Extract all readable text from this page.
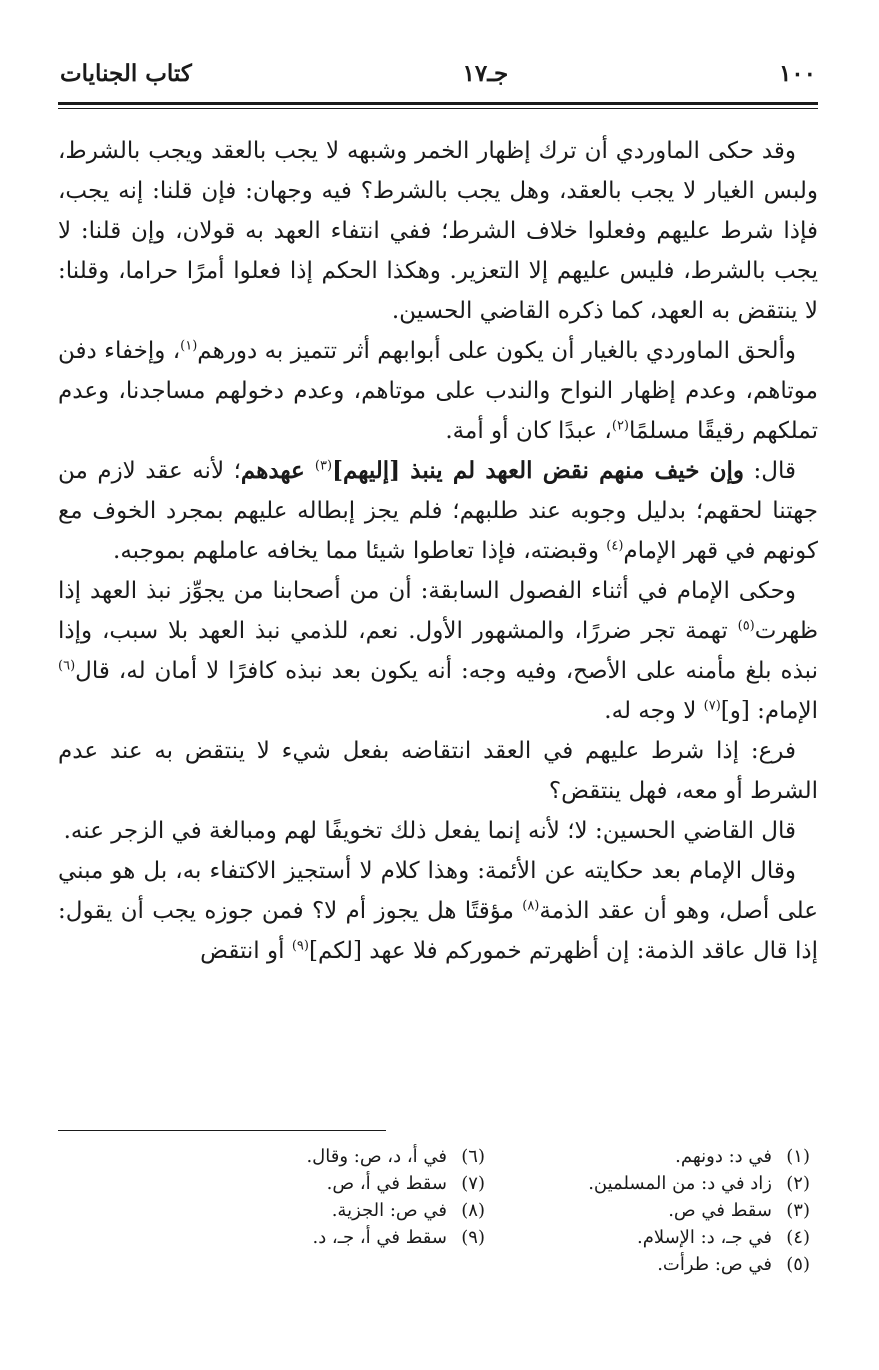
١٠٠
جـ١٧
كتاب الجنايات

وقد حكى الماوردي أن ترك إظهار الخمر وشبهه لا يجب بالعقد ويجب بالشرط، ولبس الغيار لا يجب بالعقد، وهل يجب بالشرط؟ فيه وجهان: فإن قلنا: إنه يجب، فإذا شرط عليهم وفعلوا خلاف الشرط؛ ففي انتفاء العهد به قولان، وإن قلنا: لا يجب بالشرط، فليس عليهم إلا التعزير. وهكذا الحكم إذا فعلوا أمرًا حراما، وقلنا: لا ينتقض به العهد، كما ذكره القاضي الحسين.

وألحق الماوردي بالغيار أن يكون على أبوابهم أثر تتميز به دورهم$^{(١)}$، وإخفاء دفن موتاهم، وعدم إظهار النواح والندب على موتاهم، وعدم دخولهم مساجدنا، وعدم تملكهم رقيقًا مسلمًا$^{(٢)}$، عبدًا كان أو أمة.

قال: وإن خيف منهم نقض العهد لم ينبذ [إليهم]$^{(٣)}$ عهدهم؛ لأنه عقد لازم من جهتنا لحقهم؛ بدليل وجوبه عند طلبهم؛ فلم يجز إبطاله عليهم بمجرد الخوف مع كونهم في قهر الإمام$^{(٤)}$ وقبضته، فإذا تعاطوا شيئا مما يخافه عاملهم بموجبه.

وحكى الإمام في أثناء الفصول السابقة: أن من أصحابنا من يجوِّز نبذ العهد إذا ظهرت$^{(٥)}$ تهمة تجر ضررًا، والمشهور الأول. نعم، للذمي نبذ العهد بلا سبب، وإذا نبذه بلغ مأمنه على الأصح، وفيه وجه: أنه يكون بعد نبذه كافرًا لا أمان له، قال$^{(٦)}$ الإمام: [و]$^{(٧)}$ لا وجه له.

فرع: إذا شرط عليهم في العقد انتقاضه بفعل شيء لا ينتقض به عند عدم الشرط أو معه، فهل ينتقض؟

قال القاضي الحسين: لا؛ لأنه إنما يفعل ذلك تخويفًا لهم ومبالغة في الزجر عنه.

وقال الإمام بعد حكايته عن الأئمة: وهذا كلام لا أستجيز الاكتفاء به، بل هو مبني على أصل، وهو أن عقد الذمة$^{(٨)}$ مؤقتًا هل يجوز أم لا؟ فمن جوزه يجب أن يقول: إذا قال عاقد الذمة: إن أظهرتم خموركم فلا عهد [لكم]$^{(٩)}$ أو انتقض

(١)في د: دونهم.
(٢)زاد في د: من المسلمين.
(٣)سقط في ص.
(٤)في جـ، د: الإسلام.
(٥)في ص: طرأت.
(٦)في أ، د، ص: وقال.
(٧)سقط في أ، ص.
(٨)في ص: الجزية.
(٩)سقط في أ، جـ، د.
